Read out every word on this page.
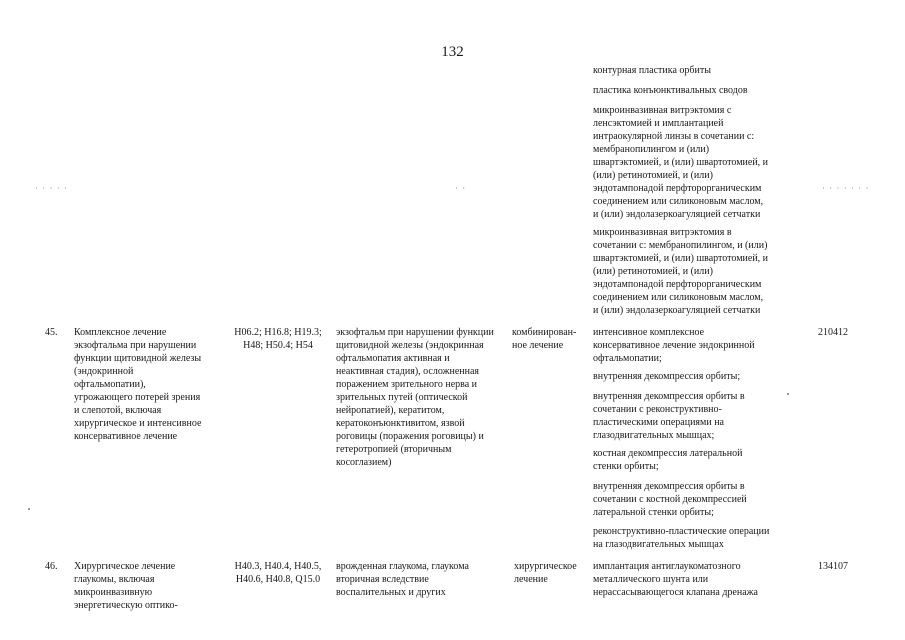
132
· · · · ·	· ·	· · · · · · ·
контурная пластика орбиты
пластика конъюнктивальных сводов
микроинвазивная витрэктомия с
ленсэктомией и имплантацией
интраокулярной линзы в сочетании с:
мембранопилингом и (или)
швартэктомией, и (или) швартотомией, и
(или) ретинотомией, и (или)
эндотампонадой перфторорганическим
соединением или силиконовым маслом,
и (или) эндолазеркоагуляцией сетчатки
микроинвазивная витрэктомия в
сочетании с: мембранопилингом, и (или)
швартэктомией, и (или) швартотомией, и
(или) ретинотомией, и (или)
эндотампонадой перфторорганическим
соединением или силиконовым маслом,
и (или) эндолазеркоагуляцией сетчатки
45. Комплексное лечение
экзофтальма при нарушении
функции щитовидной железы
(эндокринной
офтальмопатии),
угрожающего потерей зрения
и слепотой, включая
хирургическое и интенсивное
консервативное лечение
H06.2; H16.8; H19.3;
H48; H50.4; H54
экзофтальм при нарушении функции
щитовидной железы (эндокринная
офтальмопатия активная и
неактивная стадия), осложненная
поражением зрительного нерва и
зрительных путей (оптической
нейропатией), кератитом,
кератоконъюнктивитом, язвой
роговицы (поражения роговицы) и
гетеротропией (вторичным
косоглазием)
комбинирован-
ное лечение
интенсивное комплексное
консервативное лечение эндокринной
офтальмопатии;
внутренняя декомпрессия орбиты;
внутренняя декомпрессия орбиты в
сочетании с реконструктивно-
пластическими операциями на
глазодвигательных мышцах;
костная декомпрессия латеральной
стенки орбиты;
внутренняя декомпрессия орбиты в
сочетании с костной декомпрессией
латеральной стенки орбиты;
реконструктивно-пластические операции
на глазодвигательных мышцах
210412
46. Хирургическое лечение
глаукомы, включая
микроинвазивную
энергетическую оптико-
H40.3, H40.4, H40.5,
H40.6, H40.8, Q15.0
врожденная глаукома, глаукома
вторичная вследствие
воспалительных и других
хирургическое
лечение
имплантация антиглаукоматозного
металлического шунта или
нерассасывающегося клапана дренажа
134107
